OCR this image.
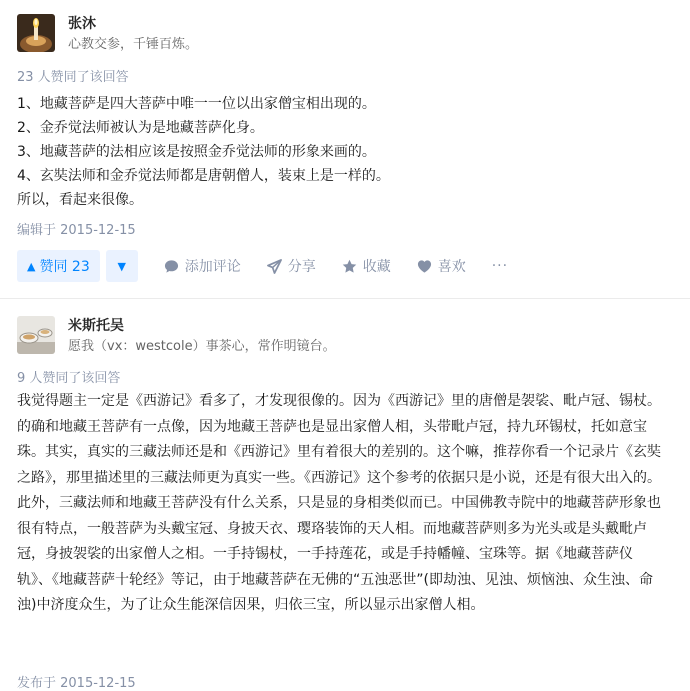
张沐
心教交参，千锤百炼。
23 人赞同了该回答

1、地藏菩萨是四大菩萨中唯一一位以出家僧宝相出现的。

2、金乔觉法师被认为是地藏菩萨化身。

3、地藏菩萨的法相应该是按照金乔觉法师的形象来画的。

4、玄奘法师和金乔觉法师都是唐朝僧人，装束上是一样的。

所以，看起来很像。

编辑于 2015-12-15
▲ 赞同 23	▼	添加评论	分享	收藏	喜欢 ···
米斯托吴
愿我（vx：westcole）事茶心，常作明镜台。
9 人赞同了该回答

我觉得题主一定是《西游记》看多了，才发现很像的。因为《西游记》里的唐僧是袈裟、毗卢冠、锡杖。的确和地藏王菩萨有一点像，因为地藏王菩萨也是显出家僧人相，头带毗卢冠，持九环锡杖，托如意宝珠。其实，真实的三藏法师还是和《西游记》里有着很大的差别的。这个嘛，推荐你看一个记录片《玄奘之路》，那里描述里的三藏法师更为真实一些。《西游记》这个参考的依据只是小说，还是有很大出入的。

此外，三藏法师和地藏王菩萨没有什么关系，只是显的身相类似而已。中国佛教寺院中的地藏菩萨形象也很有特点，一般菩萨为头戴宝冠、身披天衣、璎珞装饰的天人相。而地藏菩萨则多为光头或是头戴毗卢冠，身披袈裟的出家僧人之相。一手持锡杖，一手持莲花，或是手持幡幢、宝珠等。据《地藏菩萨仪轨》、《地藏菩萨十轮经》等记，由于地藏菩萨在无佛的“五浊恶世”(即劫浊、见浊、烦恼浊、众生浊、命浊)中济度众生，为了让众生能深信因果，归依三宝，所以显示出家僧人相。

发布于 2015-12-15
